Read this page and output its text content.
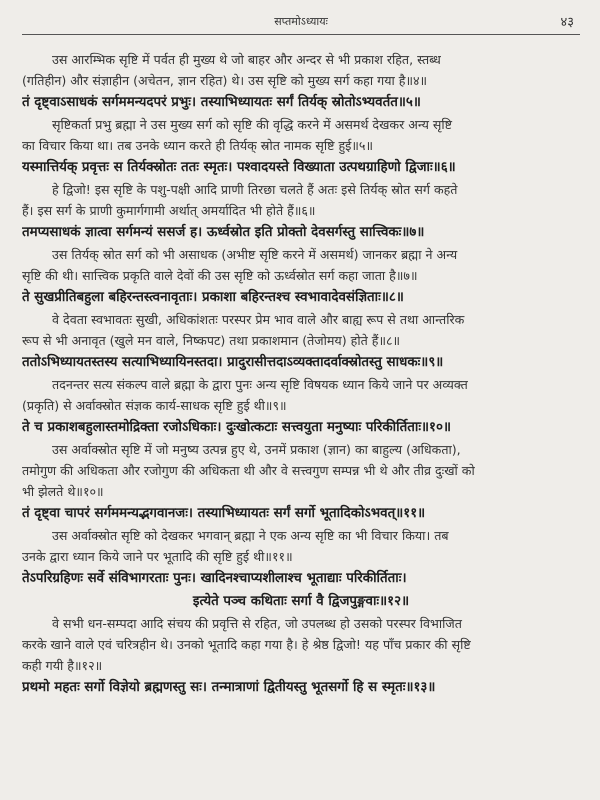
सप्तमोऽध्यायः	४३
उस आरम्भिक सृष्टि में पर्वत ही मुख्य थे जो बाहर और अन्दर से भी प्रकाश रहित, स्तब्ध
(गतिहीन) और संज्ञाहीन (अचेतन, ज्ञान रहित) थे। उस सृष्टि को मुख्य सर्ग कहा गया है॥४॥
तं दृष्ट्वाऽसाधकं सर्गममन्यदपरं प्रभुः। तस्याभिध्यायतः सर्गं तिर्यक् स्रोतोऽभ्यवर्तत॥५॥
सृष्टिकर्ता प्रभु ब्रह्मा ने उस मुख्य सर्ग को सृष्टि की वृद्धि करने में असमर्थ देखकर अन्य सृष्टि
का विचार किया था। तब उनके ध्यान करते ही तिर्यक् स्रोत नामक सृष्टि हुई॥५॥
यस्मात्तिर्यक् प्रवृत्तः स तिर्यक्स्रोतः ततः स्मृतः। पश्वादयस्ते विख्याता उत्पथग्राहिणो द्विजाः॥६॥
हे द्विजो! इस सृष्टि के पशु-पक्षी आदि प्राणी तिरछा चलते हैं अतः इसे तिर्यक् स्रोत सर्ग कहते
हैं। इस सर्ग के प्राणी कुमार्गगामी अर्थात् अमर्यादित भी होते हैं॥६॥
तमप्यसाधकं ज्ञात्वा सर्गमन्यं ससर्ज ह। ऊर्ध्वस्रोत इति प्रोक्तो देवसर्गस्तु सात्त्विकः॥७॥
उस तिर्यक् स्रोत सर्ग को भी असाधक (अभीष्ट सृष्टि करने में असमर्थ) जानकर ब्रह्मा ने अन्य
सृष्टि की थी। सात्त्विक प्रकृति वाले देवों की उस सृष्टि को ऊर्ध्वस्रोत सर्ग कहा जाता है॥७॥
ते सुखप्रीतिबहुला बहिरन्तस्त्वनावृताः। प्रकाशा बहिरन्तश्च स्वभावादेवसंज्ञिताः॥८॥
वे देवता स्वभावतः सुखी, अधिकांशतः परस्पर प्रेम भाव वाले और बाह्य रूप से तथा आन्तरिक
रूप से भी अनावृत (खुले मन वाले, निष्कपट) तथा प्रकाशमान (तेजोमय) होते हैं॥८॥
ततोऽभिध्यायतस्तस्य सत्याभिध्यायिनस्तदा। प्रादुरासीत्तदाऽव्यक्तादर्वाक्स्रोतस्तु साधकः॥९॥
तदनन्तर सत्य संकल्प वाले ब्रह्मा के द्वारा पुनः अन्य सृष्टि विषयक ध्यान किये जाने पर अव्यक्त
(प्रकृति) से अर्वाक्स्रोत संज्ञक कार्य-साधक सृष्टि हुई थी॥९॥
ते च प्रकाशबहुलास्तमोद्रिक्ता रजोऽधिकाः। दुःखोत्कटाः सत्त्वयुता मनुष्याः परिकीर्तिताः॥१०॥
उस अर्वाक्स्रोत सृष्टि में जो मनुष्य उत्पन्न हुए थे, उनमें प्रकाश (ज्ञान) का बाहुल्य (अधिकता),
तमोगुण की अधिकता और रजोगुण की अधिकता थी और वे सत्त्वगुण सम्पन्न भी थे और तीव्र दुःखों को
भी झेलते थे॥१०॥
तं दृष्ट्वा चापरं सर्गममन्यद्भगवानजः। तस्याभिध्यायतः सर्गं सर्गो भूतादिकोऽभवत्॥११॥
उस अर्वाक्स्रोत सृष्टि को देखकर भगवान् ब्रह्मा ने एक अन्य सृष्टि का भी विचार किया। तब
उनके द्वारा ध्यान किये जाने पर भूतादि की सृष्टि हुई थी॥११॥
तेऽपरिग्रहिणः सर्वे संविभागरताः पुनः। खादिनश्चाप्यशीलाश्च भूताद्याः परिकीर्तिताः।
इत्येते पञ्च कथिताः सर्गा वै द्विजपुङ्गवाः॥१२॥
वे सभी धन-सम्पदा आदि संचय की प्रवृत्ति से रहित, जो उपलब्ध हो उसको परस्पर विभाजित
करके खाने वाले एवं चरित्रहीन थे। उनको भूतादि कहा गया है। हे श्रेष्ठ द्विजो! यह पाँच प्रकार की सृष्टि
कही गयी है॥१२॥
प्रथमो महतः सर्गो विज्ञेयो ब्रह्मणस्तु सः। तन्मात्राणां द्वितीयस्तु भूतसर्गो हि स स्मृतः॥१३॥
